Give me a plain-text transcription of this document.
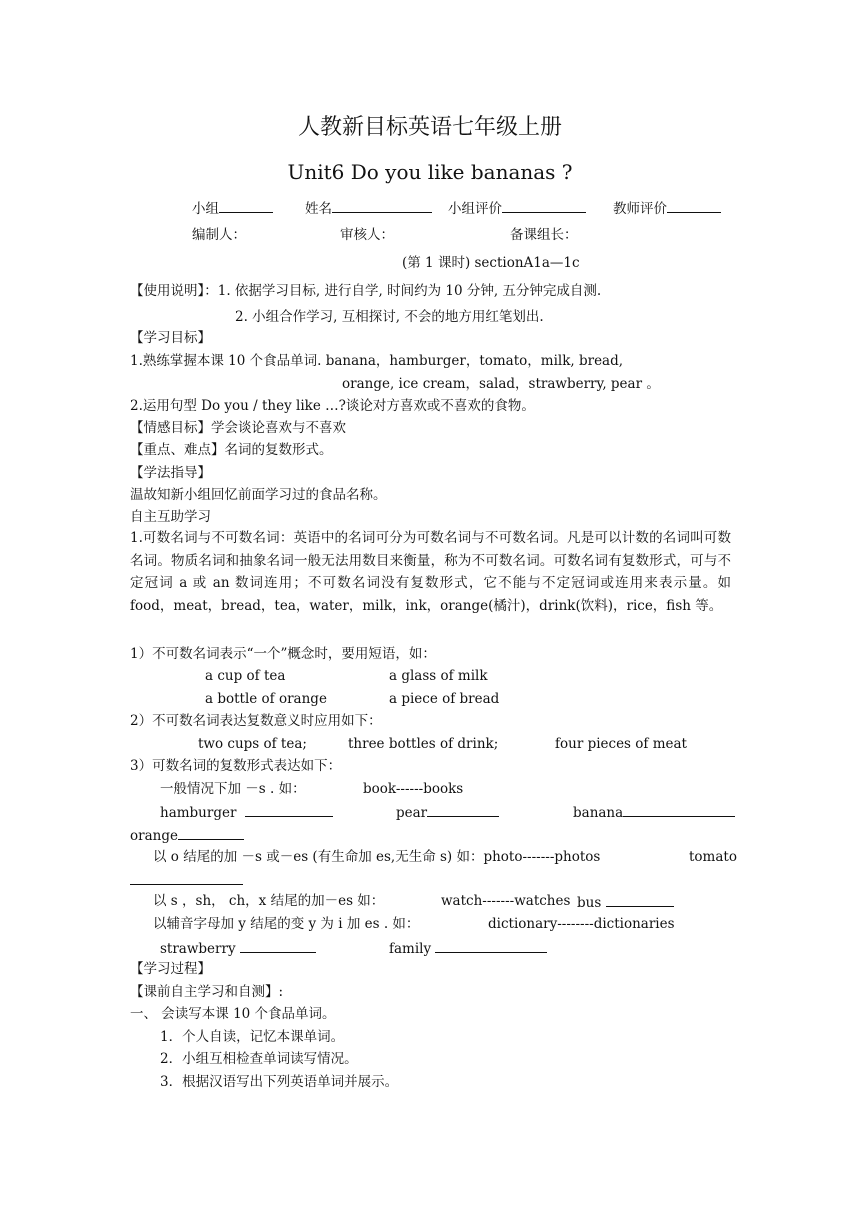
人教新目标英语七年级上册
Unit6 Do you like bananas ?
小组	姓名	小组评价	教师评价
编制人：	审核人：	备课组长：
(第 1 课时) sectionA1a—1c
【使用说明】：1. 依据学习目标, 进行自学, 时间约为 10 分钟, 五分钟完成自测.
2. 小组合作学习, 互相探讨, 不会的地方用红笔划出.
【学习目标】
1.熟练掌握本课 10 个食品单词. banana，hamburger，tomato，milk, bread,
orange, ice cream，salad，strawberry, pear 。
2.运用句型 Do you / they like …?谈论对方喜欢或不喜欢的食物。
【情感目标】学会谈论喜欢与不喜欢
【重点、难点】名词的复数形式。
【学法指导】
温故知新小组回忆前面学习过的食品名称。
自主互助学习
1.可数名词与不可数名词：英语中的名词可分为可数名词与不可数名词。凡是可以计数的名词叫可数名词。物质名词和抽象名词一般无法用数目来衡量，称为不可数名词。可数名词有复数形式，可与不定冠词 a 或 an 数词连用；不可数名词没有复数形式，它不能与不定冠词或连用来表示量。如 food，meat，bread，tea，water，milk，ink，orange(橘汁)，drink(饮料)，rice，fish 等。
1）不可数名词表示“一个”概念时，要用短语，如：
a cup of tea	a glass of milk
a bottle of orange	a piece of bread
2）不可数名词表达复数意义时应用如下：
two cups of tea;	three bottles of drink;	four pieces of meat
3）可数名词的复数形式表达如下：
一般情况下加 －s . 如：	book------books
hamburger	pear	banana
orange
以 o 结尾的加 －s 或－es (有生命加 es,无生命 s) 如：photo-------photos	tomato
以 s ，sh， ch，x 结尾的加－es 如：	watch-------watches bus
以辅音字母加 y 结尾的变 y 为 i 加 es . 如：	dictionary--------dictionaries
strawberry	family
【学习过程】
【课前自主学习和自测】:
一、 会读写本课 10 个食品单词。
1．个人自读，记忆本课单词。
2．小组互相检查单词读写情况。
3．根据汉语写出下列英语单词并展示。
